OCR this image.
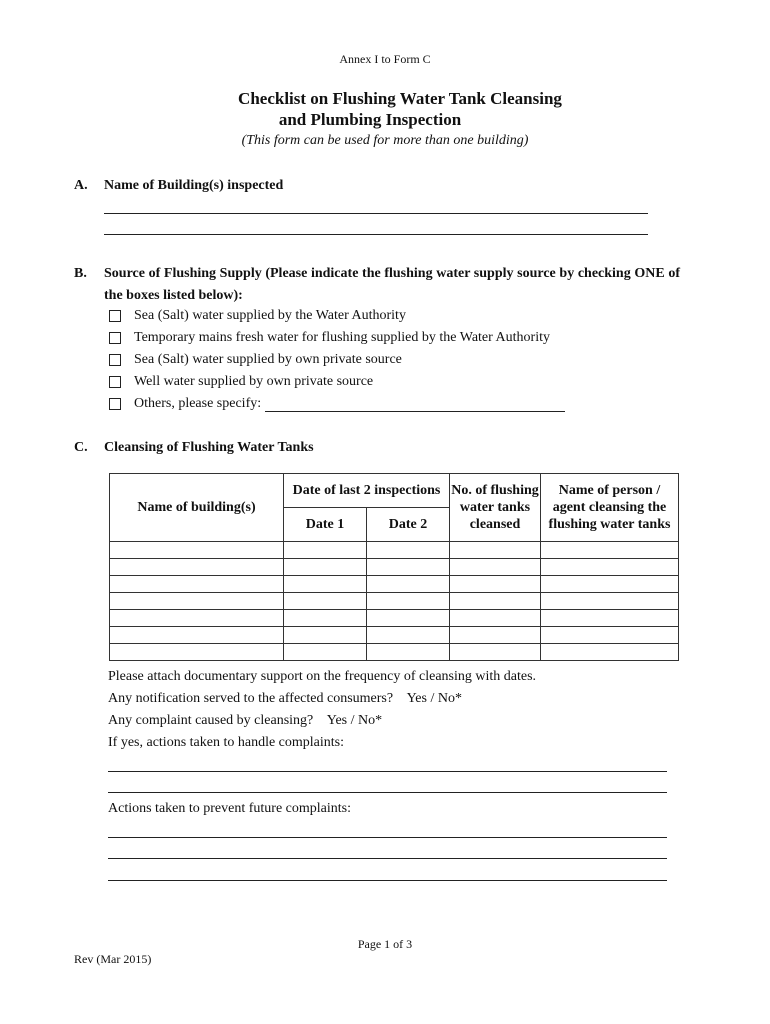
Annex I to Form C
Checklist on Flushing Water Tank Cleansing
and Plumbing Inspection
(This form can be used for more than one building)
A. Name of Building(s) inspected
B. Source of Flushing Supply (Please indicate the flushing water supply source by checking ONE of the boxes listed below):
Sea (Salt) water supplied by the Water Authority
Temporary mains fresh water for flushing supplied by the Water Authority
Sea (Salt) water supplied by own private source
Well water supplied by own private source
Others, please specify:
C. Cleansing of Flushing Water Tanks
Name of building(s)	Date of last 2 inspections		No. of flushing water tanks cleansed	Name of person / agent cleansing the flushing water tanks
	Date 1	Date 2		

Please attach documentary support on the frequency of cleansing with dates.
Any notification served to the affected consumers?    Yes / No*
Any complaint caused by cleansing?    Yes / No*
If yes, actions taken to handle complaints:
Actions taken to prevent future complaints:
Page 1 of 3
Rev (Mar 2015)
